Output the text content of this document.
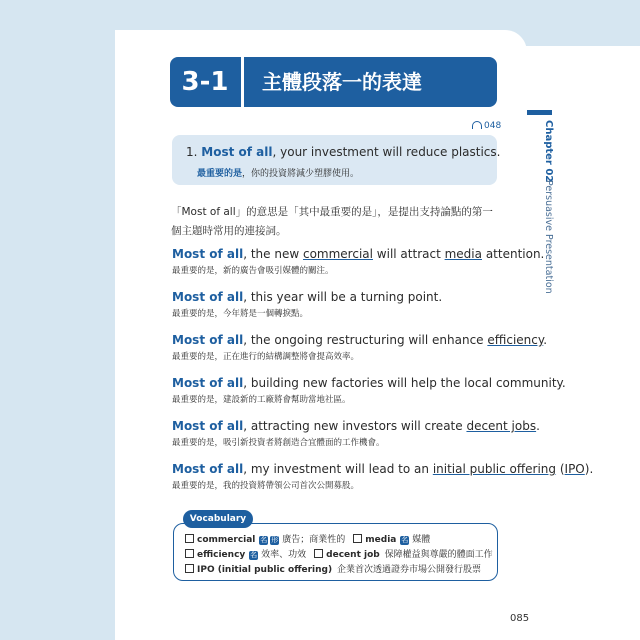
3-1	主體段落一的表達
048
1. Most of all, your investment will reduce plastics.
最重要的是，你的投資將減少塑膠使用。
「Most of all」的意思是「其中最重要的是」，是提出支持論點的第一個主題時常用的連接詞。
Most of all, the new commercial will attract media attention.
最重要的是，新的廣告會吸引媒體的關注。
Most of all, this year will be a turning point.
最重要的是，今年將是一個轉捩點。
Most of all, the ongoing restructuring will enhance efficiency.
最重要的是，正在進行的結構調整將會提高效率。
Most of all, building new factories will help the local community.
最重要的是，建設新的工廠將會幫助當地社區。
Most of all, attracting new investors will create decent jobs.
最重要的是，吸引新投資者將創造合宜體面的工作機會。
Most of all, my investment will lead to an initial public offering (IPO).
最重要的是，我的投資將帶領公司首次公開募股。
commercial 名 形 廣告；商業性的 media 名 媒體
efficiency 名 效率、功效 decent job 保障權益與尊嚴的體面工作
IPO (initial public offering) 企業首次透過證券市場公開發行股票
Vocabulary
Chapter 02
Persuasive Presentation
085
